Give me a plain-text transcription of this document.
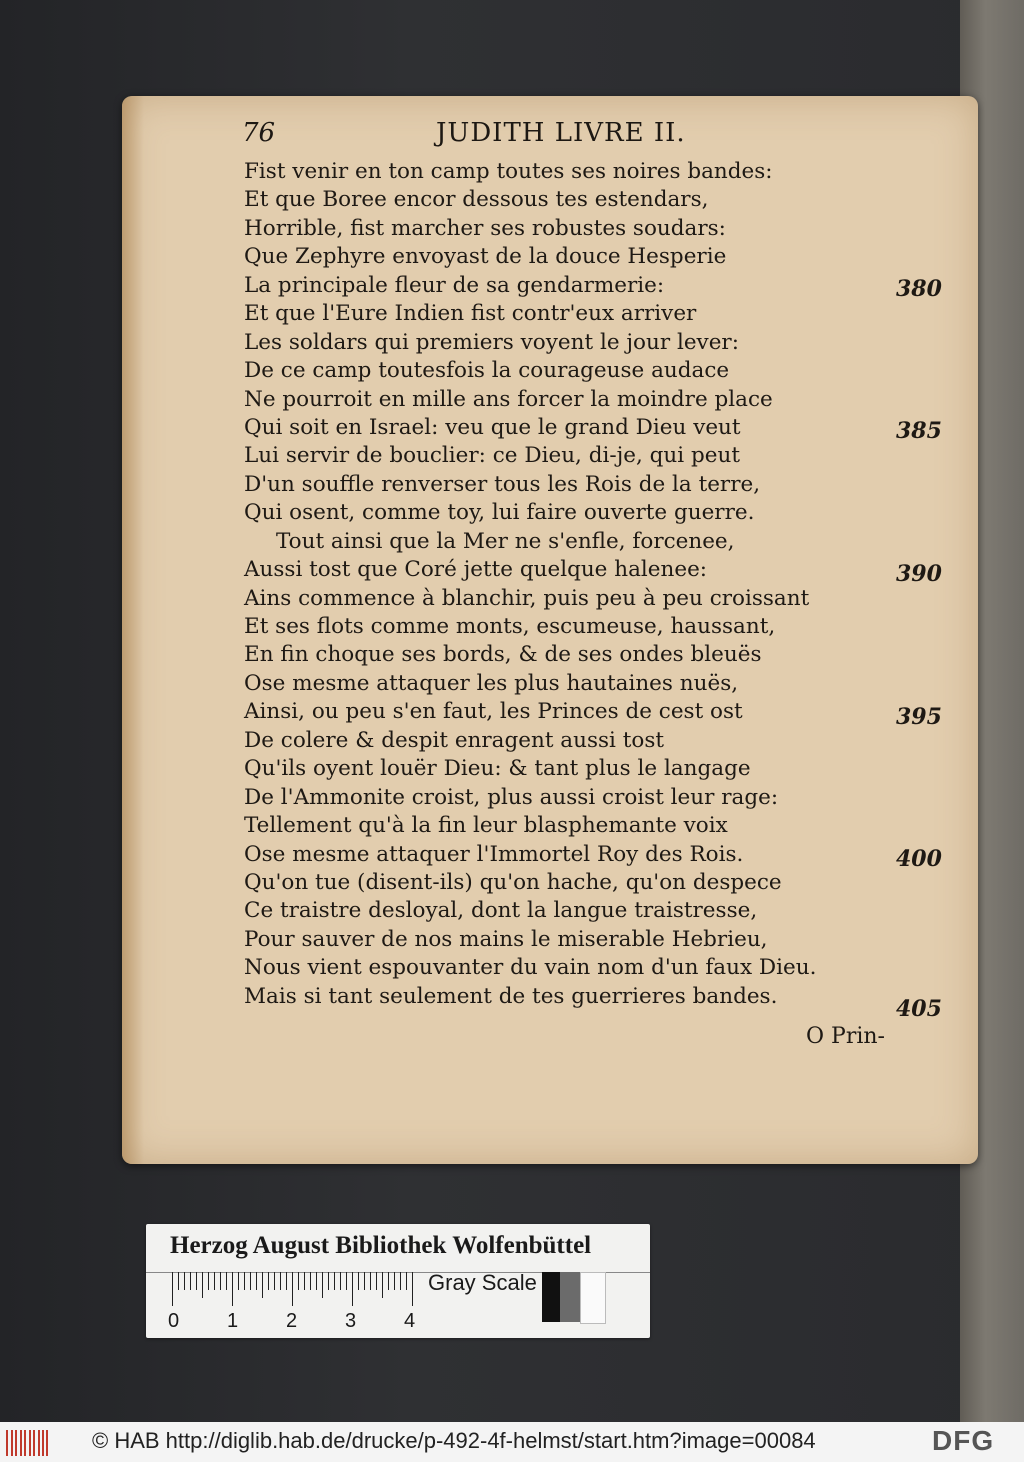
76	JUDITH LIVRE II.
Fist venir en ton camp toutes ses noires bandes:
Et que Boree encor dessous tes estendars,
Horrible, fist marcher ses robustes soudars:
Que Zephyre envoyast de la douce Hesperie
La principale fleur de sa gendarmerie:
Et que l'Eure Indien fist contr'eux arriver
Les soldars qui premiers voyent le jour lever:
De ce camp toutesfois la courageuse audace
Ne pourroit en mille ans forcer la moindre place
Qui soit en Israel: veu que le grand Dieu veut
Lui servir de bouclier: ce Dieu, di-je, qui peut
D'un souffle renverser tous les Rois de la terre,
Qui osent, comme toy, lui faire ouverte guerre.
Tout ainsi que la Mer ne s'enfle, forcenee,
Aussi tost que Coré jette quelque halenee:
Ains commence à blanchir, puis peu à peu croissant
Et ses flots comme monts, escumeuse, haussant,
En fin choque ses bords, & de ses ondes bleuës
Ose mesme attaquer les plus hautaines nuës,
Ainsi, ou peu s'en faut, les Princes de cest ost
De colere & despit enragent aussi tost
Qu'ils oyent louër Dieu: & tant plus le langage
De l'Ammonite croist, plus aussi croist leur rage:
Tellement qu'à la fin leur blasphemante voix
Ose mesme attaquer l'Immortel Roy des Rois.
Qu'on tue (disent-ils) qu'on hache, qu'on despece
Ce traistre desloyal, dont la langue traistresse,
Pour sauver de nos mains le miserable Hebrieu,
Nous vient espouvanter du vain nom d'un faux Dieu.
Mais si tant seulement de tes guerrieres bandes.
380
385
390
395
400
405
O Prin-
Herzog August Bibliothek Wolfenbüttel
Gray Scale
0 1 2 3 4
© HAB http://diglib.hab.de/drucke/p-492-4f-helmst/start.htm?image=00084	DFG
